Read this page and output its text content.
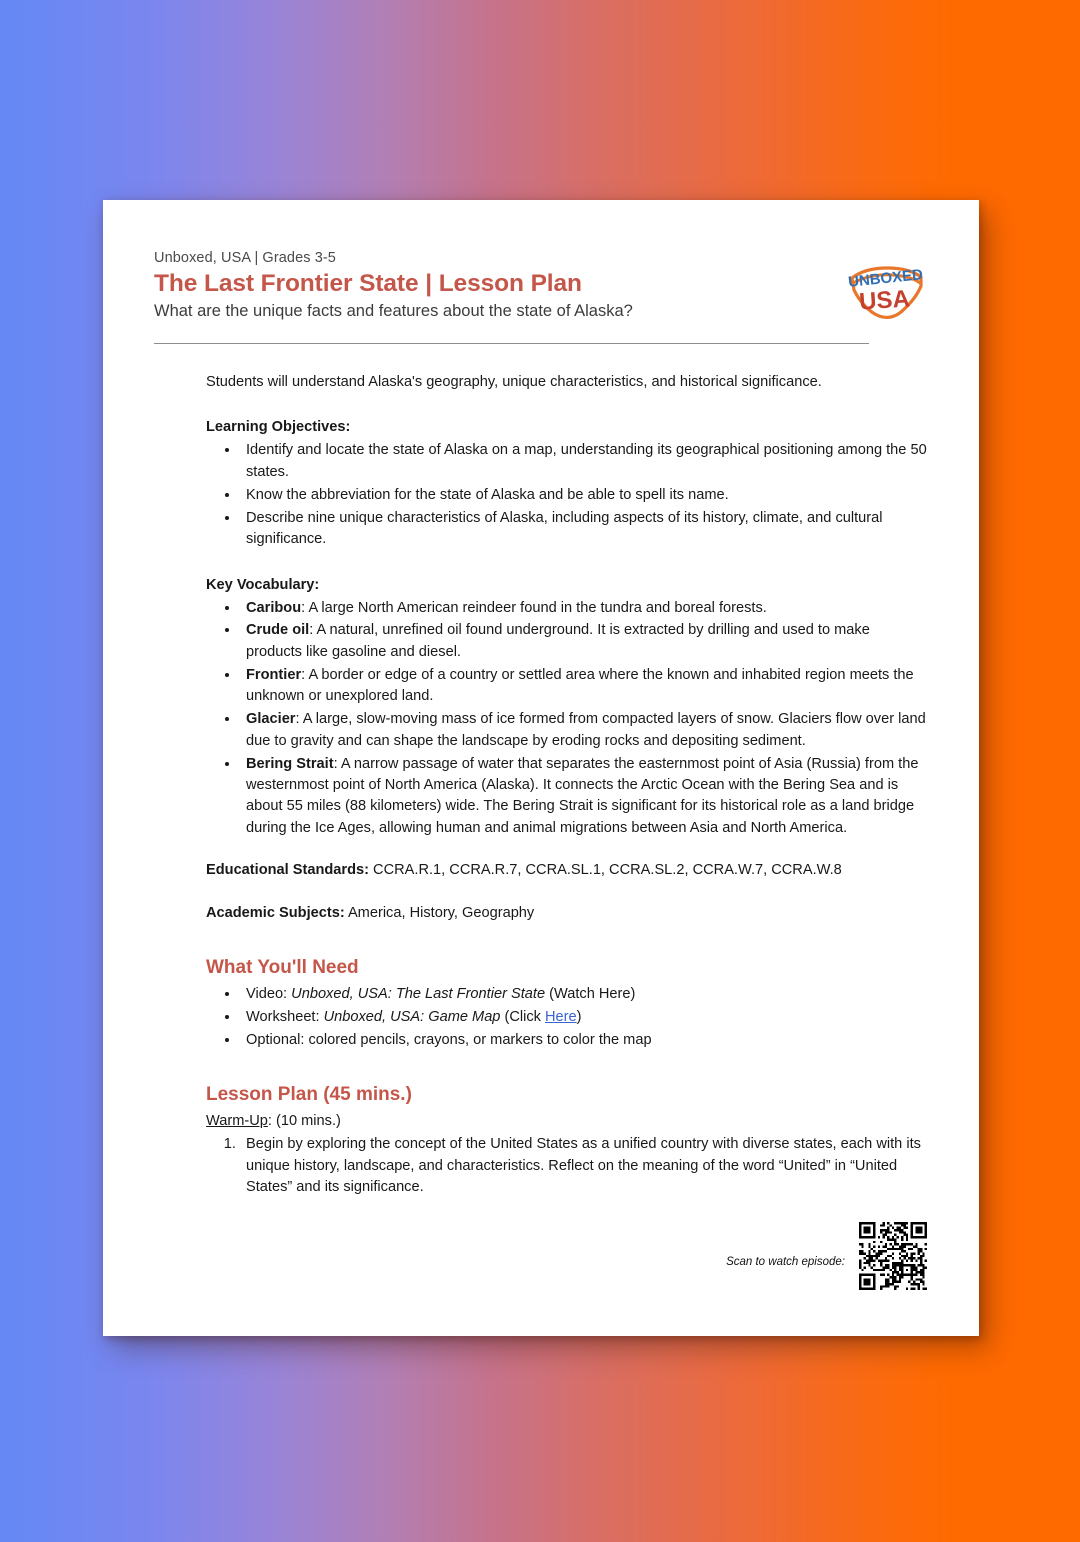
Unboxed, USA | Grades 3-5

The Last Frontier State | Lesson Plan

What are the unique facts and features about the state of Alaska?

UNBOXED
USA

Students will understand Alaska's geography, unique characteristics, and historical significance.

Learning Objectives:

• Identify and locate the state of Alaska on a map, understanding its geographical positioning among the 50 states.
• Know the abbreviation for the state of Alaska and be able to spell its name.
• Describe nine unique characteristics of Alaska, including aspects of its history, climate, and cultural significance.

Key Vocabulary:

• Caribou: A large North American reindeer found in the tundra and boreal forests.
• Crude oil: A natural, unrefined oil found underground. It is extracted by drilling and used to make products like gasoline and diesel.
• Frontier: A border or edge of a country or settled area where the known and inhabited region meets the unknown or unexplored land.
• Glacier: A large, slow-moving mass of ice formed from compacted layers of snow. Glaciers flow over land due to gravity and can shape the landscape by eroding rocks and depositing sediment.
• Bering Strait: A narrow passage of water that separates the easternmost point of Asia (Russia) from the westernmost point of North America (Alaska). It connects the Arctic Ocean with the Bering Sea and is about 55 miles (88 kilometers) wide. The Bering Strait is significant for its historical role as a land bridge during the Ice Ages, allowing human and animal migrations between Asia and North America.

Educational Standards: CCRA.R.1, CCRA.R.7, CCRA.SL.1, CCRA.SL.2, CCRA.W.7, CCRA.W.8

Academic Subjects: America, History, Geography

What You'll Need
• Video: Unboxed, USA: The Last Frontier State (Watch Here)
• Worksheet: Unboxed, USA: Game Map (Click Here)
• Optional: colored pencils, crayons, or markers to color the map
Lesson Plan (45 mins.)

Warm-Up: (10 mins.)

1. Begin by exploring the concept of the United States as a unified country with diverse states, each with its unique history, landscape, and characteristics. Reflect on the meaning of the word “United” in “United States” and its significance.
Scan to watch episode:
